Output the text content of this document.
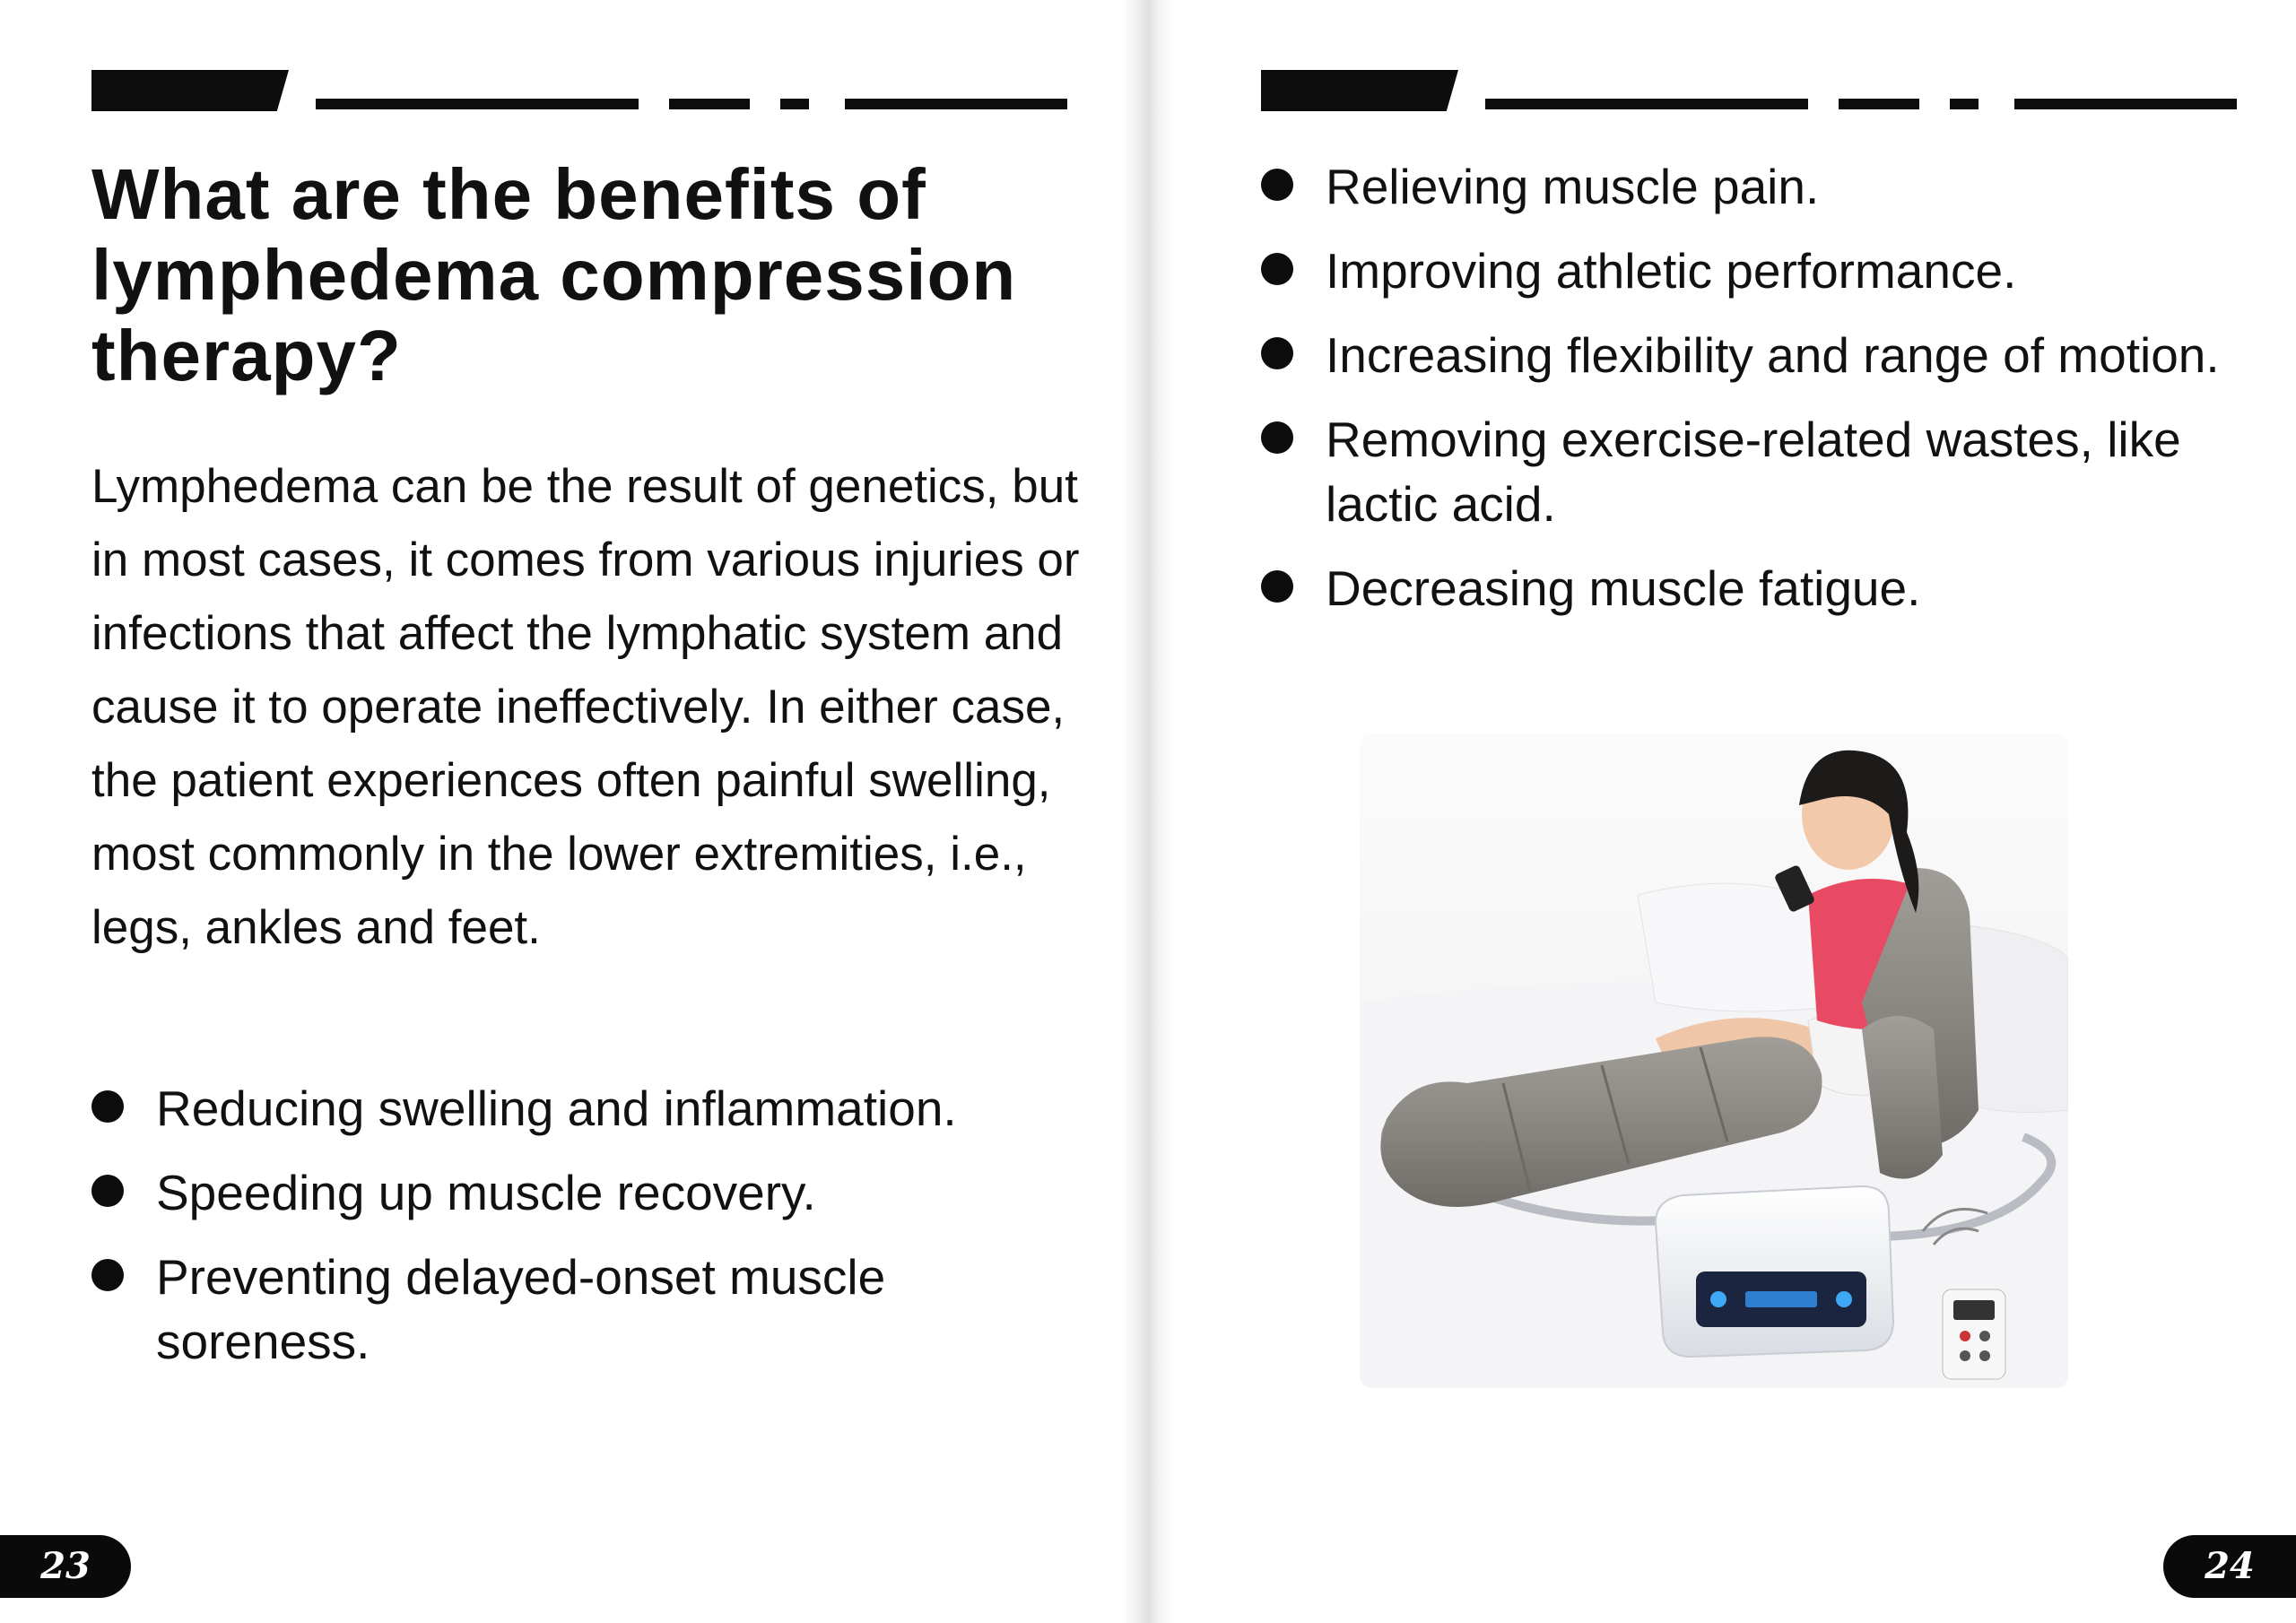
What are the benefits of lymphedema compression therapy?

Lymphedema can be the result of genetics, but in most cases, it comes from various injuries or infections that affect the lymphatic system and cause it to operate ineffectively. In either case, the patient experiences often painful swelling, most commonly in the lower extremities, i.e., legs, ankles and feet.

Reducing swelling and inflammation.
Speeding up muscle recovery.
Preventing delayed-onset muscle soreness.
23
Relieving muscle pain.
Improving athletic performance.
Increasing flexibility and range of motion.
Removing exercise-related wastes, like lactic acid.
Decreasing muscle fatigue.
24
